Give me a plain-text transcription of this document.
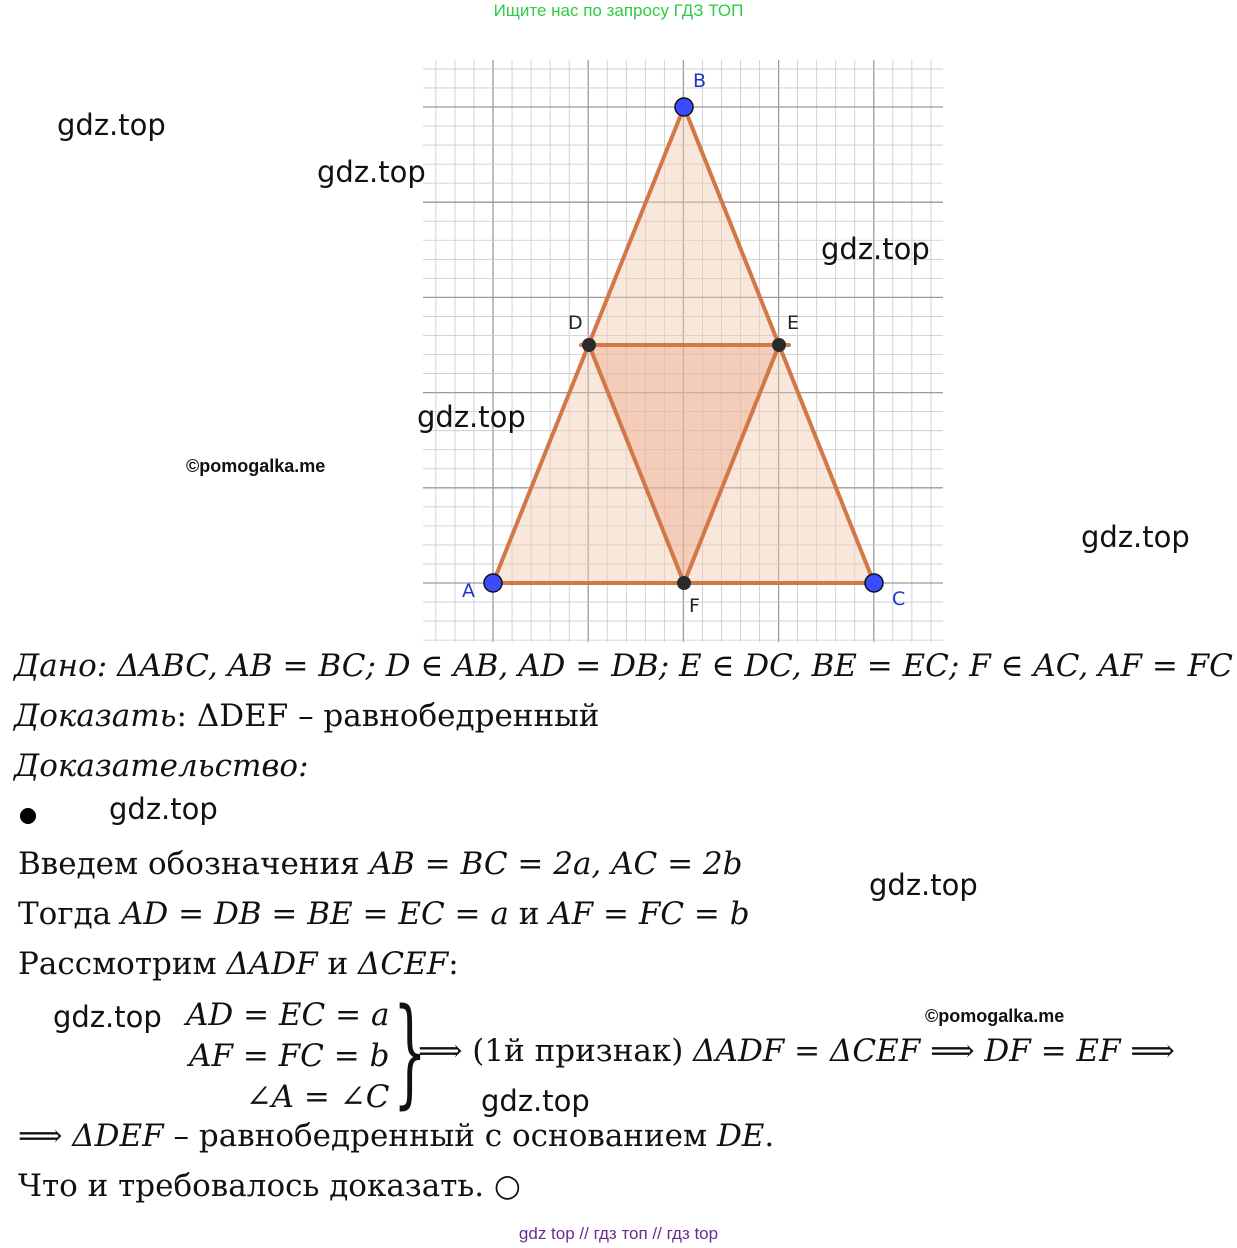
Ищите нас по запросу ГДЗ ТОП
B
D	E
A
F	C
gdz.top
gdz.top
gdz.top
gdz.top
gdz.top
gdz.top
gdz.top
gdz.top
gdz.top
©pomogalka.me
©pomogalka.me
Дано: ΔABC, AB = BC; D ∈ AB, AD = DB; E ∈ DC, BE = EC; F ∈ AC, AF = FC
Доказать: ΔDEF – равнобедренный
Доказательство:
Введем обозначения AB = BC = 2a, AC = 2b
Тогда AD = DB = BE = EC = a и AF = FC = b
Рассмотрим ΔADF и ΔCEF:
AD = EC = a
AF = FC = b
∠A = ∠C }
⟹ (1й признак) ΔADF = ΔCEF ⟹ DF = EF ⟹
⟹ ΔDEF – равнобедренный с основанием DE.
Что и требовалось доказать. ○
gdz top // гдз топ // гдз top
